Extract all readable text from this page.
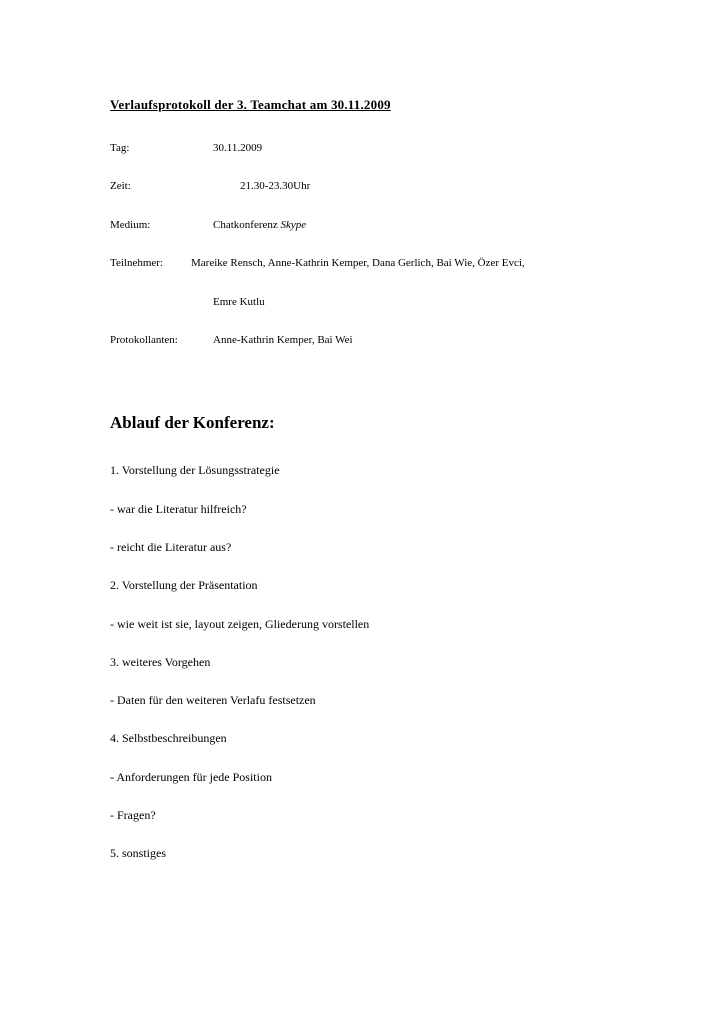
Verlaufsprotokoll der 3. Teamchat am 30.11.2009
Tag:	30.11.2009
Zeit:	21.30-23.30Uhr
Medium:	Chatkonferenz Skype
Teilnehmer:	Mareike Rensch, Anne-Kathrin Kemper, Dana Gerlich, Bai Wie, Özer Evci,
Emre Kutlu
Protokollanten:	Anne-Kathrin Kemper, Bai Wei
Ablauf der Konferenz:
1. Vorstellung der Lösungsstrategie
- war die Literatur hilfreich?
- reicht die Literatur aus?
2. Vorstellung der Präsentation
- wie weit ist sie, layout zeigen, Gliederung vorstellen
3. weiteres Vorgehen
- Daten für den weiteren Verlafu festsetzen
4. Selbstbeschreibungen
- Anforderungen für jede Position
- Fragen?
5. sonstiges
